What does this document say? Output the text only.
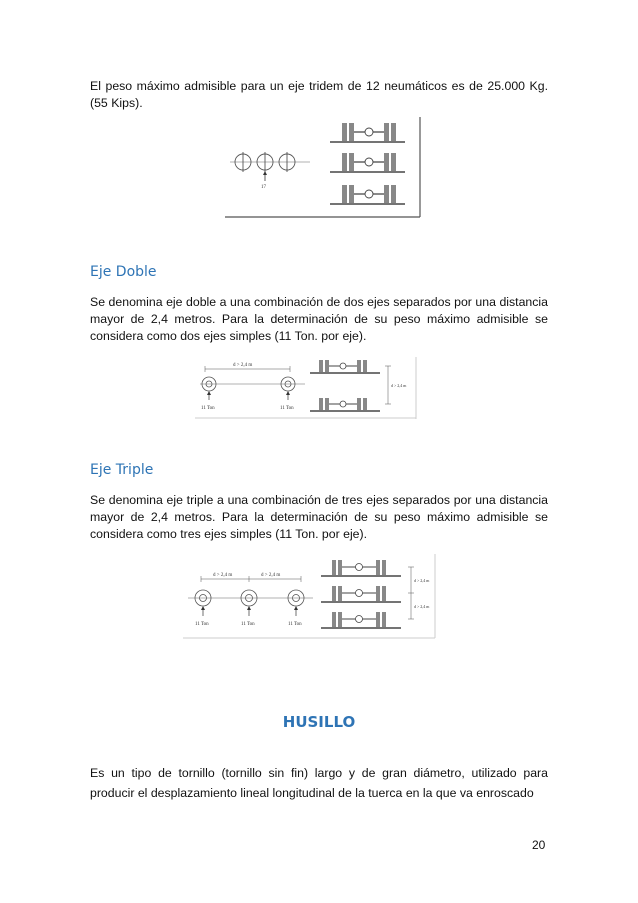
El peso máximo admisible para un eje tridem de 12 neumáticos es de 25.000 Kg. (55 Kips).

17
Eje Doble

Se denomina eje doble a una combinación de dos ejes separados por una distancia mayor de 2,4 metros. Para la determinación de su peso máximo admisible se considera como dos ejes simples (11 Ton. por eje).

d > 2,4 m
11 Ton	11 Ton
d > 2,4 m
Eje Triple

Se denomina eje triple a una combinación de tres ejes separados por una distancia mayor de 2,4 metros. Para la determinación de su peso máximo admisible se considera como tres ejes simples (11 Ton. por eje).

d > 2,4 m	d > 2,4 m
11 Ton	11 Ton	11 Ton
d > 2,4 m
d > 2,4 m
HUSILLO

Es un tipo de tornillo (tornillo sin fin) largo y de gran diámetro, utilizado para producir el desplazamiento lineal longitudinal de la tuerca en la que va enroscado

20
